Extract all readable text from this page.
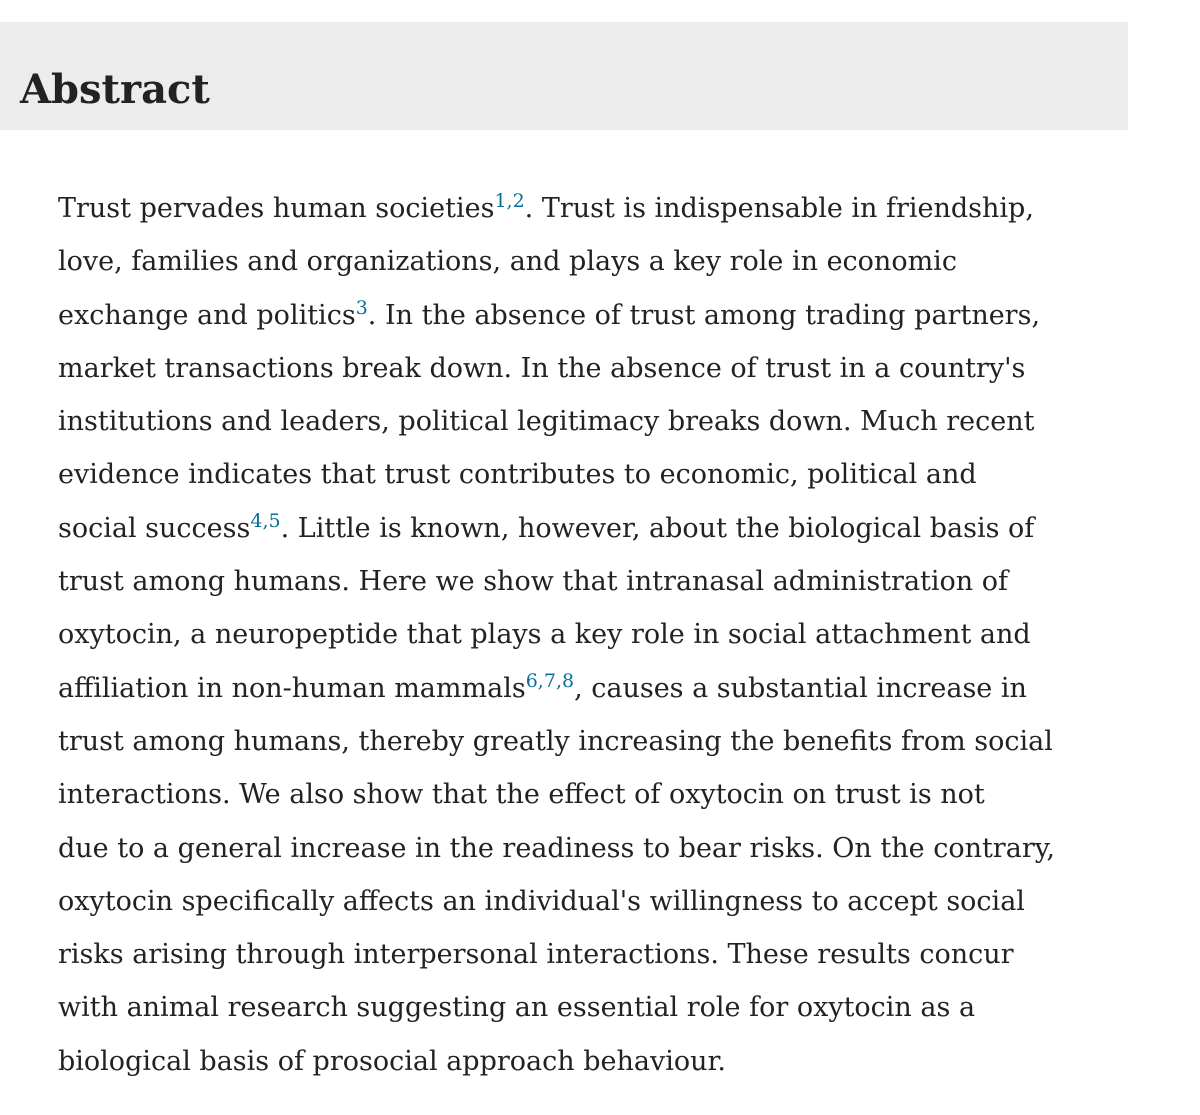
Abstract

Trust pervades human societies$^{1,2}$. Trust is indispensable in friendship,
love, families and organizations, and plays a key role in economic
exchange and politics$^3$. In the absence of trust among trading partners,
market transactions break down. In the absence of trust in a country's
institutions and leaders, political legitimacy breaks down. Much recent
evidence indicates that trust contributes to economic, political and
social success$^{4,5}$. Little is known, however, about the biological basis of
trust among humans. Here we show that intranasal administration of
oxytocin, a neuropeptide that plays a key role in social attachment and
affiliation in non-human mammals$^{6,7,8}$, causes a substantial increase in
trust among humans, thereby greatly increasing the benefits from social
interactions. We also show that the effect of oxytocin on trust is not
due to a general increase in the readiness to bear risks. On the contrary,
oxytocin specifically affects an individual's willingness to accept social
risks arising through interpersonal interactions. These results concur
with animal research suggesting an essential role for oxytocin as a
biological basis of prosocial approach behaviour.
